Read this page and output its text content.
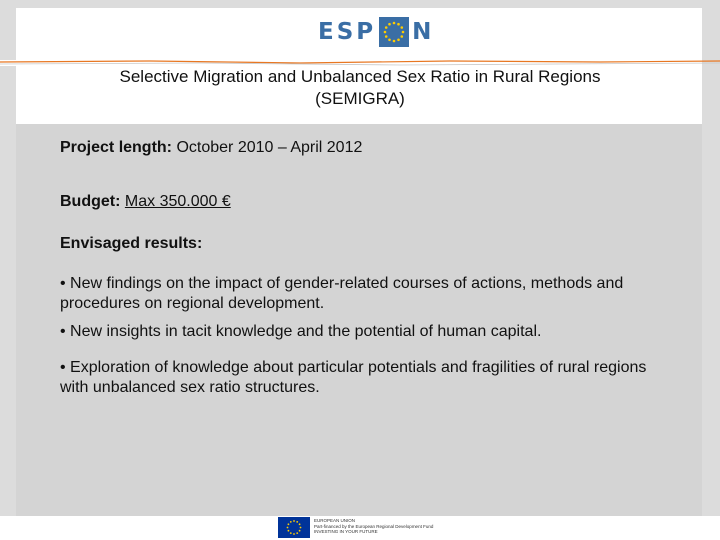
ESP N
Selective Migration and Unbalanced Sex Ratio in Rural Regions
(SEMIGRA)
Project length: October 2010 – April 2012
Budget: Max 350.000 €
Envisaged results:
• New findings on the impact of gender-related courses of actions, methods and procedures on regional development.
• New insights in tacit knowledge and the potential of human capital.
• Exploration of knowledge about particular potentials and fragilities of rural regions with unbalanced sex ratio structures.
EUROPEAN UNION
Part-financed by the European Regional Development Fund
INVESTING IN YOUR FUTURE
